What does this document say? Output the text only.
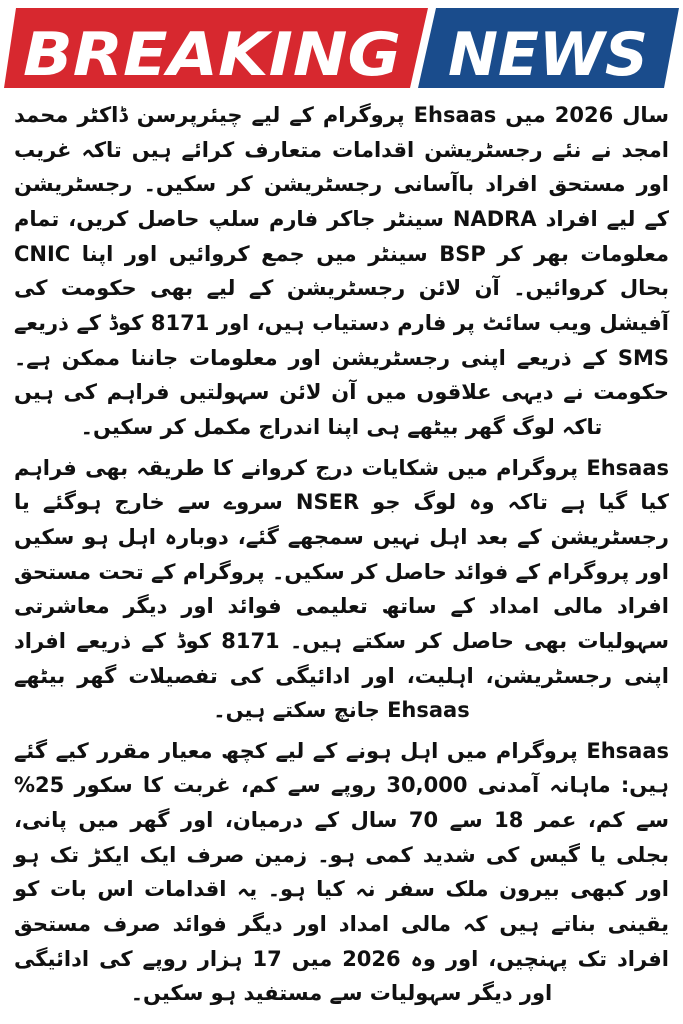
BREAKING NEWS

سال 2026 میں Ehsaas پروگرام کے لیے چیئرپرسن ڈاکٹر محمد امجد نے نئے رجسٹریشن اقدامات متعارف کرائے ہیں تاکہ غریب اور مستحق افراد باآسانی رجسٹریشن کر سکیں۔ رجسٹریشن کے لیے افراد NADRA سینٹر جاکر فارم سلپ حاصل کریں، تمام معلومات بھر کر BSP سینٹر میں جمع کروائیں اور اپنا CNIC بحال کروائیں۔ آن لائن رجسٹریشن کے لیے بھی حکومت کی آفیشل ویب سائٹ پر فارم دستیاب ہیں، اور 8171 کوڈ کے ذریعے SMS کے ذریعے اپنی رجسٹریشن اور معلومات جاننا ممکن ہے۔ حکومت نے دیہی علاقوں میں آن لائن سہولتیں فراہم کی ہیں تاکہ لوگ گھر بیٹھے ہی اپنا اندراج مکمل کر سکیں۔

Ehsaas پروگرام میں شکایات درج کروانے کا طریقہ بھی فراہم کیا گیا ہے تاکہ وہ لوگ جو NSER سروے سے خارج ہوگئے یا رجسٹریشن کے بعد اہل نہیں سمجھے گئے، دوبارہ اہل ہو سکیں اور پروگرام کے فوائد حاصل کر سکیں۔ پروگرام کے تحت مستحق افراد مالی امداد کے ساتھ تعلیمی فوائد اور دیگر معاشرتی سہولیات بھی حاصل کر سکتے ہیں۔ 8171 کوڈ کے ذریعے افراد اپنی رجسٹریشن، اہلیت، اور ادائیگی کی تفصیلات گھر بیٹھے Ehsaas جانچ سکتے ہیں۔

Ehsaas پروگرام میں اہل ہونے کے لیے کچھ معیار مقرر کیے گئے ہیں: ماہانہ آمدنی 30,000 روپے سے کم، غربت کا سکور 25% سے کم، عمر 18 سے 70 سال کے درمیان، اور گھر میں پانی، بجلی یا گیس کی شدید کمی ہو۔ زمین صرف ایک ایکڑ تک ہو اور کبھی بیرون ملک سفر نہ کیا ہو۔ یہ اقدامات اس بات کو یقینی بناتے ہیں کہ مالی امداد اور دیگر فوائد صرف مستحق افراد تک پہنچیں، اور وہ 2026 میں 17 ہزار روپے کی ادائیگی اور دیگر سہولیات سے مستفید ہو سکیں۔
